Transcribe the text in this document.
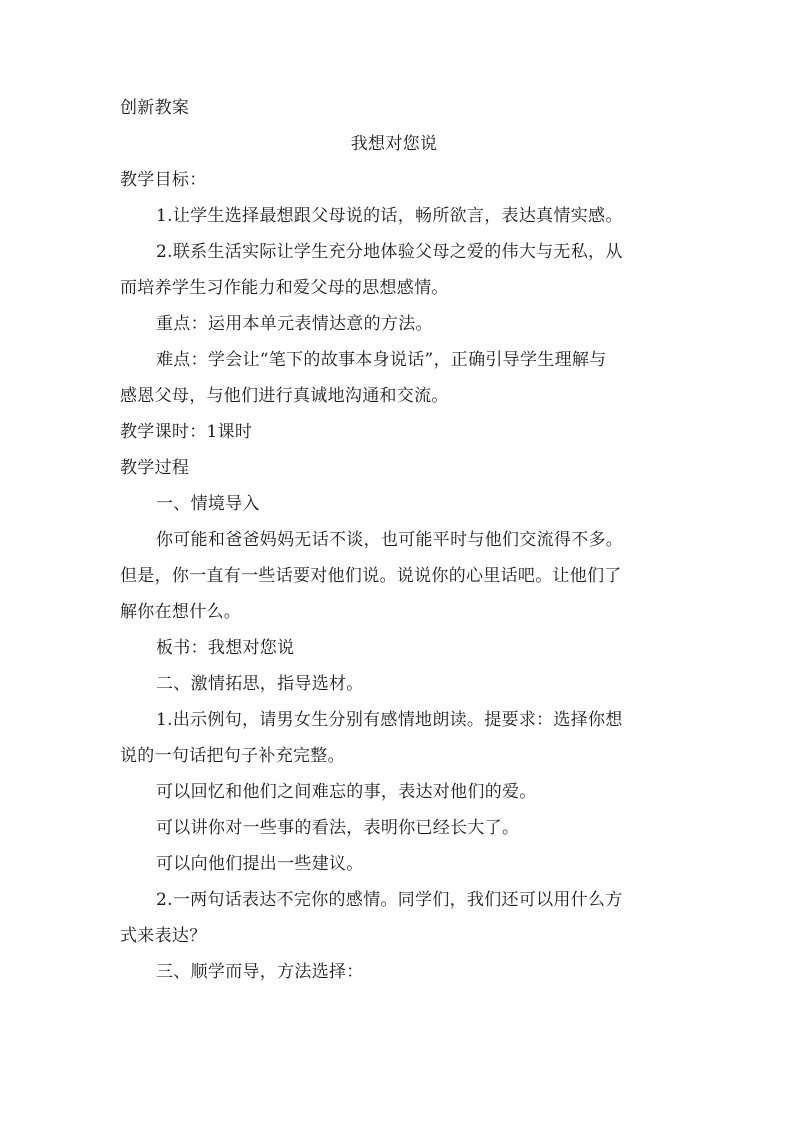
创新教案
我想对您说
教学目标：
1.让学生选择最想跟父母说的话，畅所欲言，表达真情实感。
2.联系生活实际让学生充分地体验父母之爱的伟大与无私，从
而培养学生习作能力和爱父母的思想感情。
重点：运用本单元表情达意的方法。
难点：学会让“笔下的故事本身说话”，正确引导学生理解与
感恩父母，与他们进行真诚地沟通和交流。
教学课时：1课时
教学过程
一、情境导入
你可能和爸爸妈妈无话不谈，也可能平时与他们交流得不多。
但是，你一直有一些话要对他们说。说说你的心里话吧。让他们了
解你在想什么。
板书：我想对您说
二、激情拓思，指导选材。
1.出示例句，请男女生分别有感情地朗读。提要求：选择你想
说的一句话把句子补充完整。
可以回忆和他们之间难忘的事，表达对他们的爱。
可以讲你对一些事的看法，表明你已经长大了。
可以向他们提出一些建议。
2.一两句话表达不完你的感情。同学们，我们还可以用什么方
式来表达？
三、顺学而导，方法选择：
